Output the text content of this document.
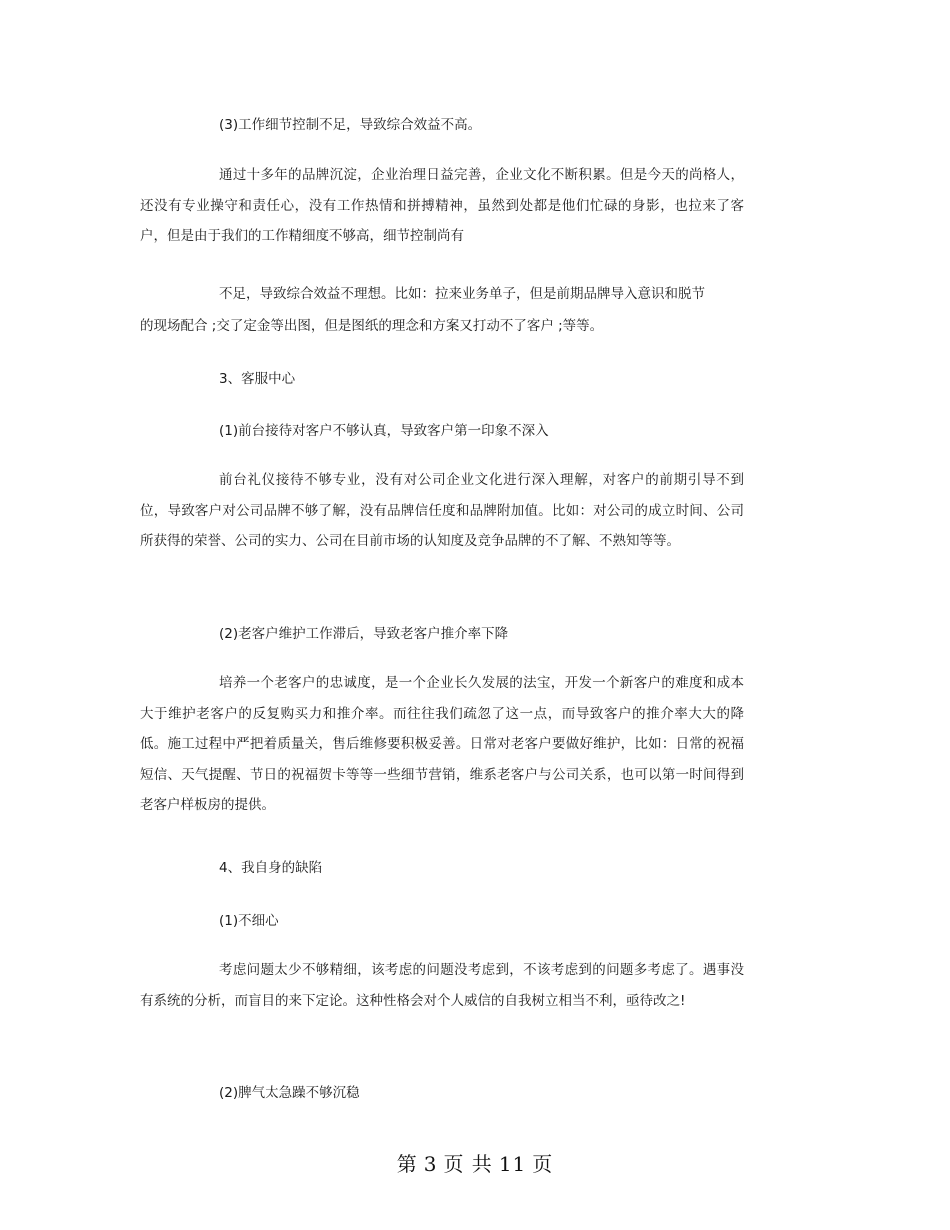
(3)工作细节控制不足，导致综合效益不高。

通过十多年的品牌沉淀，企业治理日益完善，企业文化不断积累。但是今天的尚格人，还没有专业操守和责任心，没有工作热情和拼搏精神，虽然到处都是他们忙碌的身影，也拉来了客户，但是由于我们的工作精细度不够高，细节控制尚有

不足，导致综合效益不理想。比如：拉来业务单子，但是前期品牌导入意识和脱节

的现场配合 ;交了定金等出图，但是图纸的理念和方案又打动不了客户 ;等等。

3、客服中心

(1)前台接待对客户不够认真，导致客户第一印象不深入

前台礼仪接待不够专业，没有对公司企业文化进行深入理解，对客户的前期引导不到位，导致客户对公司品牌不够了解，没有品牌信任度和品牌附加值。比如：对公司的成立时间、公司所获得的荣誉、公司的实力、公司在目前市场的认知度及竞争品牌的不了解、不熟知等等。

(2)老客户维护工作滞后，导致老客户推介率下降

培养一个老客户的忠诚度，是一个企业长久发展的法宝，开发一个新客户的难度和成本大于维护老客户的反复购买力和推介率。而往往我们疏忽了这一点，而导致客户的推介率大大的降低。施工过程中严把着质量关，售后维修要积极妥善。日常对老客户要做好维护，比如：日常的祝福短信、天气提醒、节日的祝福贺卡等等一些细节营销，维系老客户与公司关系，也可以第一时间得到老客户样板房的提供。

4、我自身的缺陷

(1)不细心

考虑问题太少不够精细，该考虑的问题没考虑到，不该考虑到的问题多考虑了。遇事没有系统的分析，而盲目的来下定论。这种性格会对个人威信的自我树立相当不利，亟待改之!

(2)脾气太急躁不够沉稳

第 3 页 共 11 页
